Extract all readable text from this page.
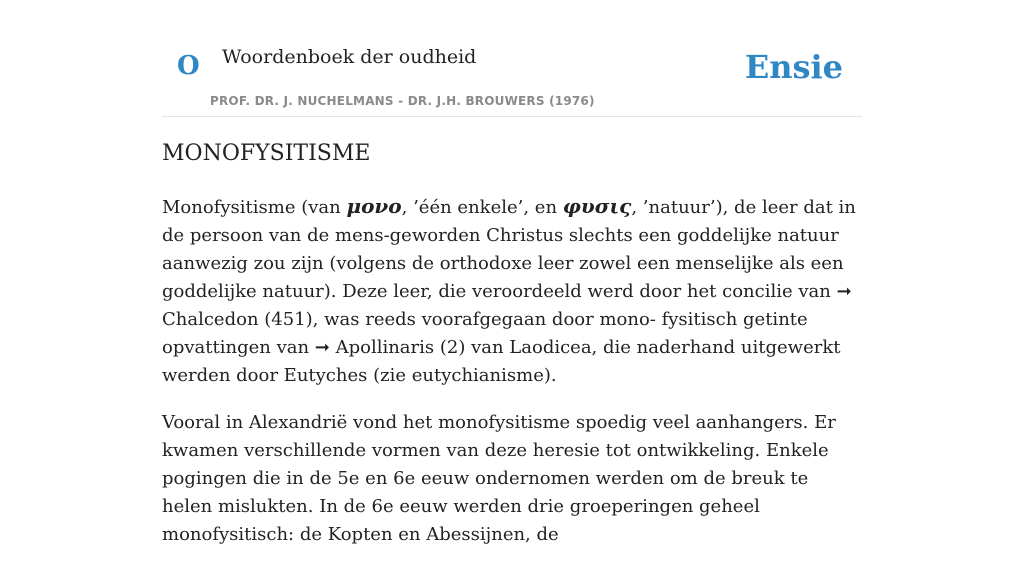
O Woordenboek der oudheid
PROF. DR. J. NUCHELMANS - DR. J.H. BROUWERS (1976)
Ensie
MONOFYSITISME

Monofysitisme (van μονο, ’één enkele’, en φυσις, ’natuur’), de leer dat in de persoon van de mens-geworden Christus slechts een goddelijke natuur aanwezig zou zijn (volgens de orthodoxe leer zowel een menselijke als een goddelijke natuur). Deze leer, die veroordeeld werd door het concilie van ➞ Chalcedon (451), was reeds voorafgegaan door mono- fysitisch getinte opvattingen van ➞ Apollinaris (2) van Laodicea, die naderhand uitgewerkt werden door Eutyches (zie eutychianisme).

Vooral in Alexandrië vond het monofysitisme spoedig veel aanhangers. Er kwamen verschillende vormen van deze heresie tot ontwikkeling. Enkele pogingen die in de 5e en 6e eeuw ondernomen werden om de breuk te helen mislukten. In de 6e eeuw werden drie groeperingen geheel monofysitisch: de Kopten en Abessijnen, de
